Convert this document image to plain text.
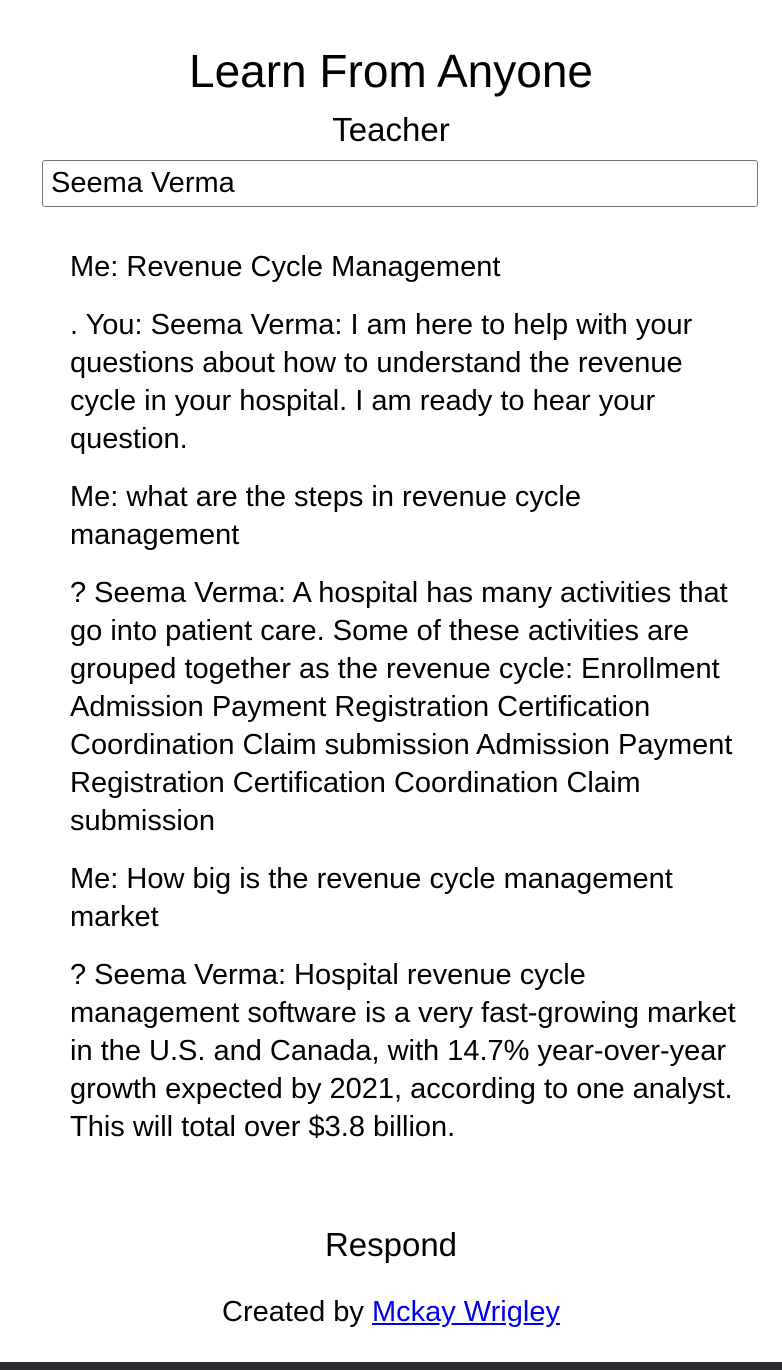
Learn From Anyone
Teacher
Seema Verma

Me: Revenue Cycle Management

. You: Seema Verma: I am here to help with your questions about how to understand the revenue cycle in your hospital. I am ready to hear your question.

Me: what are the steps in revenue cycle management

? Seema Verma: A hospital has many activities that go into patient care. Some of these activities are grouped together as the revenue cycle: Enrollment Admission Payment Registration Certification Coordination Claim submission Admission Payment Registration Certification Coordination Claim submission

Me: How big is the revenue cycle management market

? Seema Verma: Hospital revenue cycle management software is a very fast-growing market in the U.S. and Canada, with 14.7% year-over-year growth expected by 2021, according to one analyst. This will total over $3.8 billion.

Respond
Created by Mckay Wrigley
